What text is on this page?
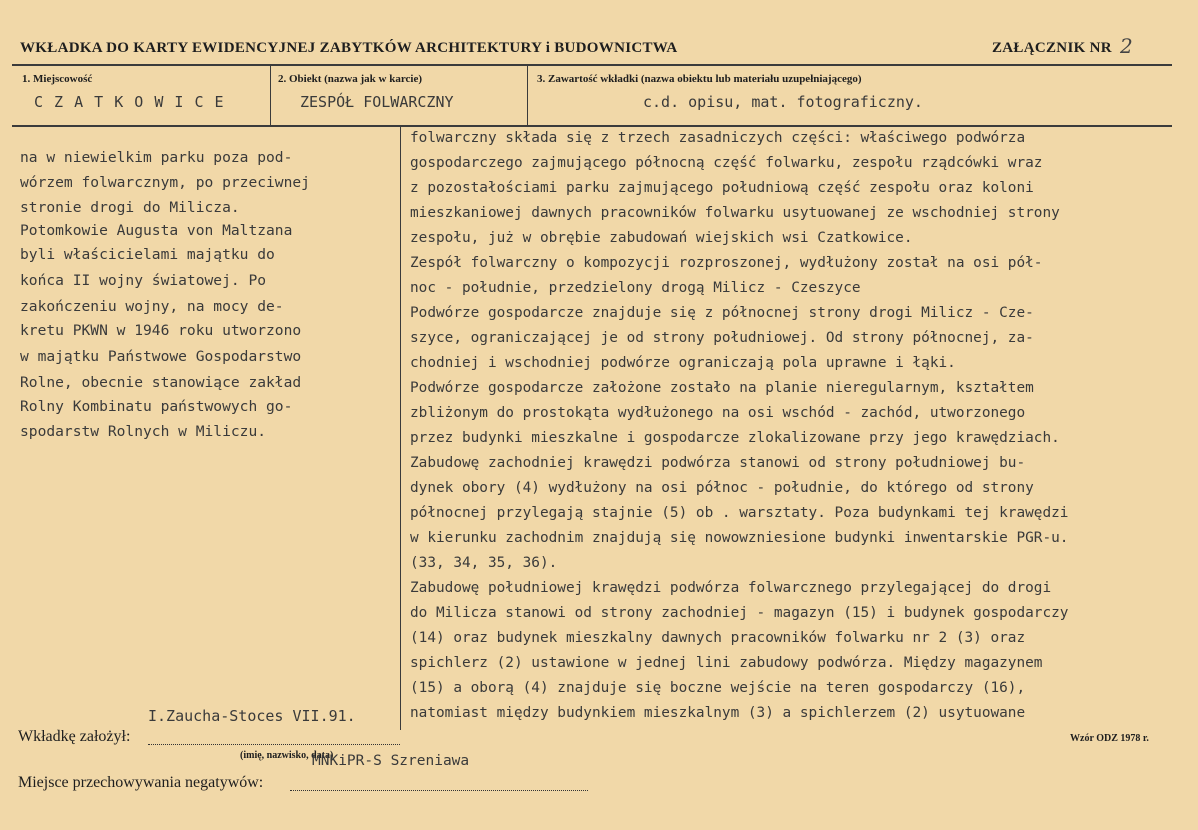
WKŁADKA DO KARTY EWIDENCYJNEJ ZABYTKÓW ARCHITEKTURY i BUDOWNICTWA	ZAŁĄCZNIK NR 2
1. Miejscowość
C Z A T K O W I C E
2. Obiekt (nazwa jak w karcie)
ZESPÓŁ FOLWARCZNY
3. Zawartość wkładki (nazwa obiektu lub materiału uzupełniającego)
c.d. opisu, mat. fotograficzny.
na w niewielkim parku poza pod-
wórzem folwarcznym, po przeciwnej
stronie drogi do Milicza.
Potomkowie Augusta von Maltzana
byli właścicielami majątku do
końca II wojny światowej. Po
zakończeniu wojny, na mocy de-
kretu PKWN w 1946 roku utworzono
w majątku Państwowe Gospodarstwo
Rolne, obecnie stanowiące zakład
Rolny Kombinatu państwowych go-
spodarstw Rolnych w Miliczu.
folwarczny składa się z trzech zasadniczych części: właściwego podwórza
gospodarczego zajmującego północną część folwarku, zespołu rządcówki wraz
z pozostałościami parku zajmującego południową część zespołu oraz koloni
mieszkaniowej dawnych pracowników folwarku usytuowanej ze wschodniej strony
zespołu, już w obrębie zabudowań wiejskich wsi Czatkowice.
Zespół folwarczny o kompozycji rozproszonej, wydłużony został na osi pół-
noc - południe, przedzielony drogą Milicz - Czeszyce
Podwórze gospodarcze znajduje się z północnej strony drogi Milicz - Cze-
szyce, ograniczającej je od strony południowej. Od strony północnej, za-
chodniej i wschodniej podwórze ograniczają pola uprawne i łąki.
Podwórze gospodarcze założone zostało na planie nieregularnym, kształtem
zbliżonym do prostokąta wydłużonego na osi wschód - zachód, utworzonego
przez budynki mieszkalne i gospodarcze zlokalizowane przy jego krawędziach.
Zabudowę zachodniej krawędzi podwórza stanowi od strony południowej bu-
dynek obory (4) wydłużony na osi północ - południe, do którego od strony
północnej przylegają stajnie (5) ob . warsztaty. Poza budynkami tej krawędzi
w kierunku zachodnim znajdują się nowowzniesione budynki inwentarskie PGR-u.
(33, 34, 35, 36).
Zabudowę południowej krawędzi podwórza folwarcznego przylegającej do drogi
do Milicza stanowi od strony zachodniej - magazyn (15) i budynek gospodarczy
(14) oraz budynek mieszkalny dawnych pracowników folwarku nr 2 (3) oraz
spichlerz (2) ustawione w jednej lini zabudowy podwórza. Między magazynem
(15) a oborą (4) znajduje się boczne wejście na teren gospodarczy (16),
natomiast między budynkiem mieszkalnym (3) a spichlerzem (2) usytuowane
I.Zaucha-Stoces VII.91.
Wkładkę założył:
(imię, nazwisko, data)
MNKiPR-S Szreniawa
Miejsce przechowywania negatywów:
Wzór ODZ 1978 r.
